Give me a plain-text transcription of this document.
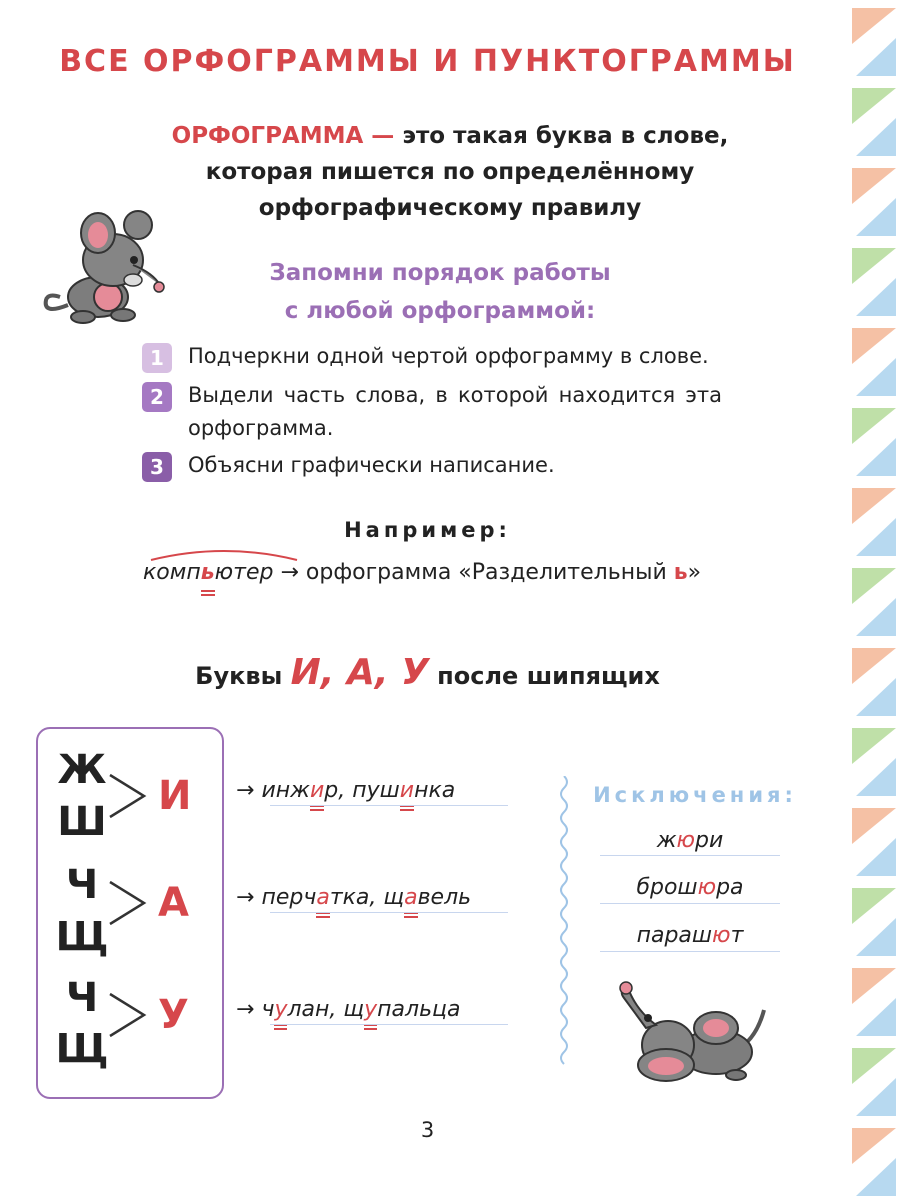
ВСЕ ОРФОГРАММЫ И ПУНКТОГРАММЫ
ОРФОГРАММА — это такая буква в слове,
которая пишется по определённому
орфографическому правилу
Запомни порядок работы
с любой орфограммой:
1	Подчеркни одной чертой орфограмму в слове.
2	Выдели часть слова, в которой находится эта орфограмма.
3	Объясни графически написание.
Например:
компь
ютер → орфограмма «Разделительный ь»
Буквы И, А, У после шипящих
Ж
Ш
И
Ч
Щ
А
Ч
Щ
У
→ инжи
р, пуши
нка
→ перча
тка, ща
вель
→ чу
лан, щу
пальца
Исключения:
жюри
брошюра
парашют
3
